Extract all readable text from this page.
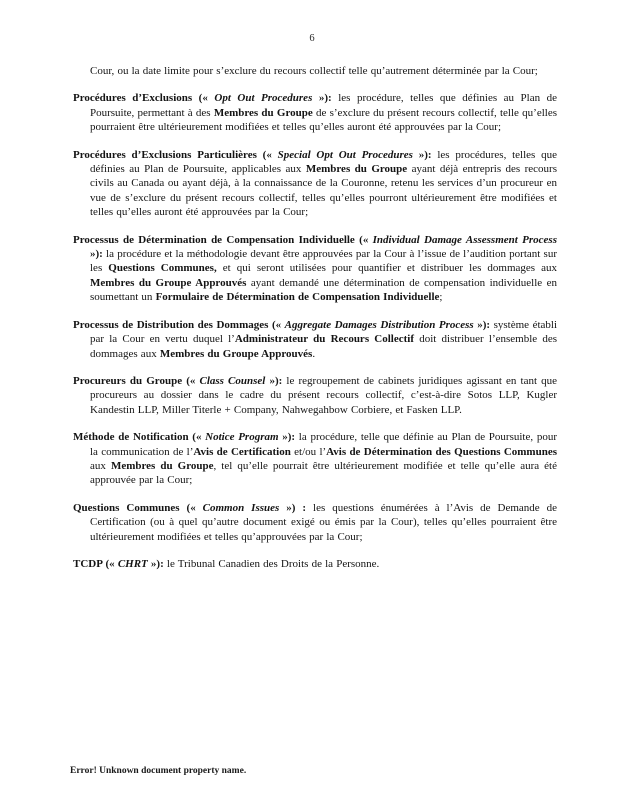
6

Cour, ou la date limite pour s’exclure du recours collectif telle qu’autrement déterminée par la Cour;

Procédures d’Exclusions (« Opt Out Procedures »): les procédure, telles que définies au Plan de Poursuite, permettant à des Membres du Groupe de s’exclure du présent recours collectif, telle qu’elles pourraient être ultérieurement modifiées et telles qu’elles auront été approuvées par la Cour;

Procédures d’Exclusions Particulières (« Special Opt Out Procedures »): les procédures, telles que définies au Plan de Poursuite, applicables aux Membres du Groupe ayant déjà entrepris des recours civils au Canada ou ayant déjà, à la connaissance de la Couronne, retenu les services d’un procureur en vue de s’exclure du présent recours collectif, telles qu’elles pourront ultérieurement être modifiées et telles qu’elles auront été approuvées par la Cour;

Processus de Détermination de Compensation Individuelle (« Individual Damage Assessment Process »): la procédure et la méthodologie devant être approuvées par la Cour à l’issue de l’audition portant sur les Questions Communes, et qui seront utilisées pour quantifier et distribuer les dommages aux Membres du Groupe Approuvés ayant demandé une détermination de compensation individuelle en soumettant un Formulaire de Détermination de Compensation Individuelle;

Processus de Distribution des Dommages (« Aggregate Damages Distribution Process »): système établi par la Cour en vertu duquel l’Administrateur du Recours Collectif doit distribuer l’ensemble des dommages aux Membres du Groupe Approuvés.

Procureurs du Groupe (« Class Counsel »): le regroupement de cabinets juridiques agissant en tant que procureurs au dossier dans le cadre du présent recours collectif, c’est-à-dire Sotos LLP, Kugler Kandestin LLP, Miller Titerle + Company, Nahwegahbow Corbiere, et Fasken LLP.

Méthode de Notification (« Notice Program »): la procédure, telle que définie au Plan de Poursuite, pour la communication de l’Avis de Certification et/ou l’Avis de Détermination des Questions Communes aux Membres du Groupe, tel qu’elle pourrait être ultérieurement modifiée et telle qu’elle aura été approuvée par la Cour;

Questions Communes (« Common Issues ») : les questions énumérées à l’Avis de Demande de Certification (ou à quel qu’autre document exigé ou émis par la Cour), telles qu’elles pourraient être ultérieurement modifiées et telles qu’approuvées par la Cour;

TCDP (« CHRT »): le Tribunal Canadien des Droits de la Personne.

Error! Unknown document property name.
